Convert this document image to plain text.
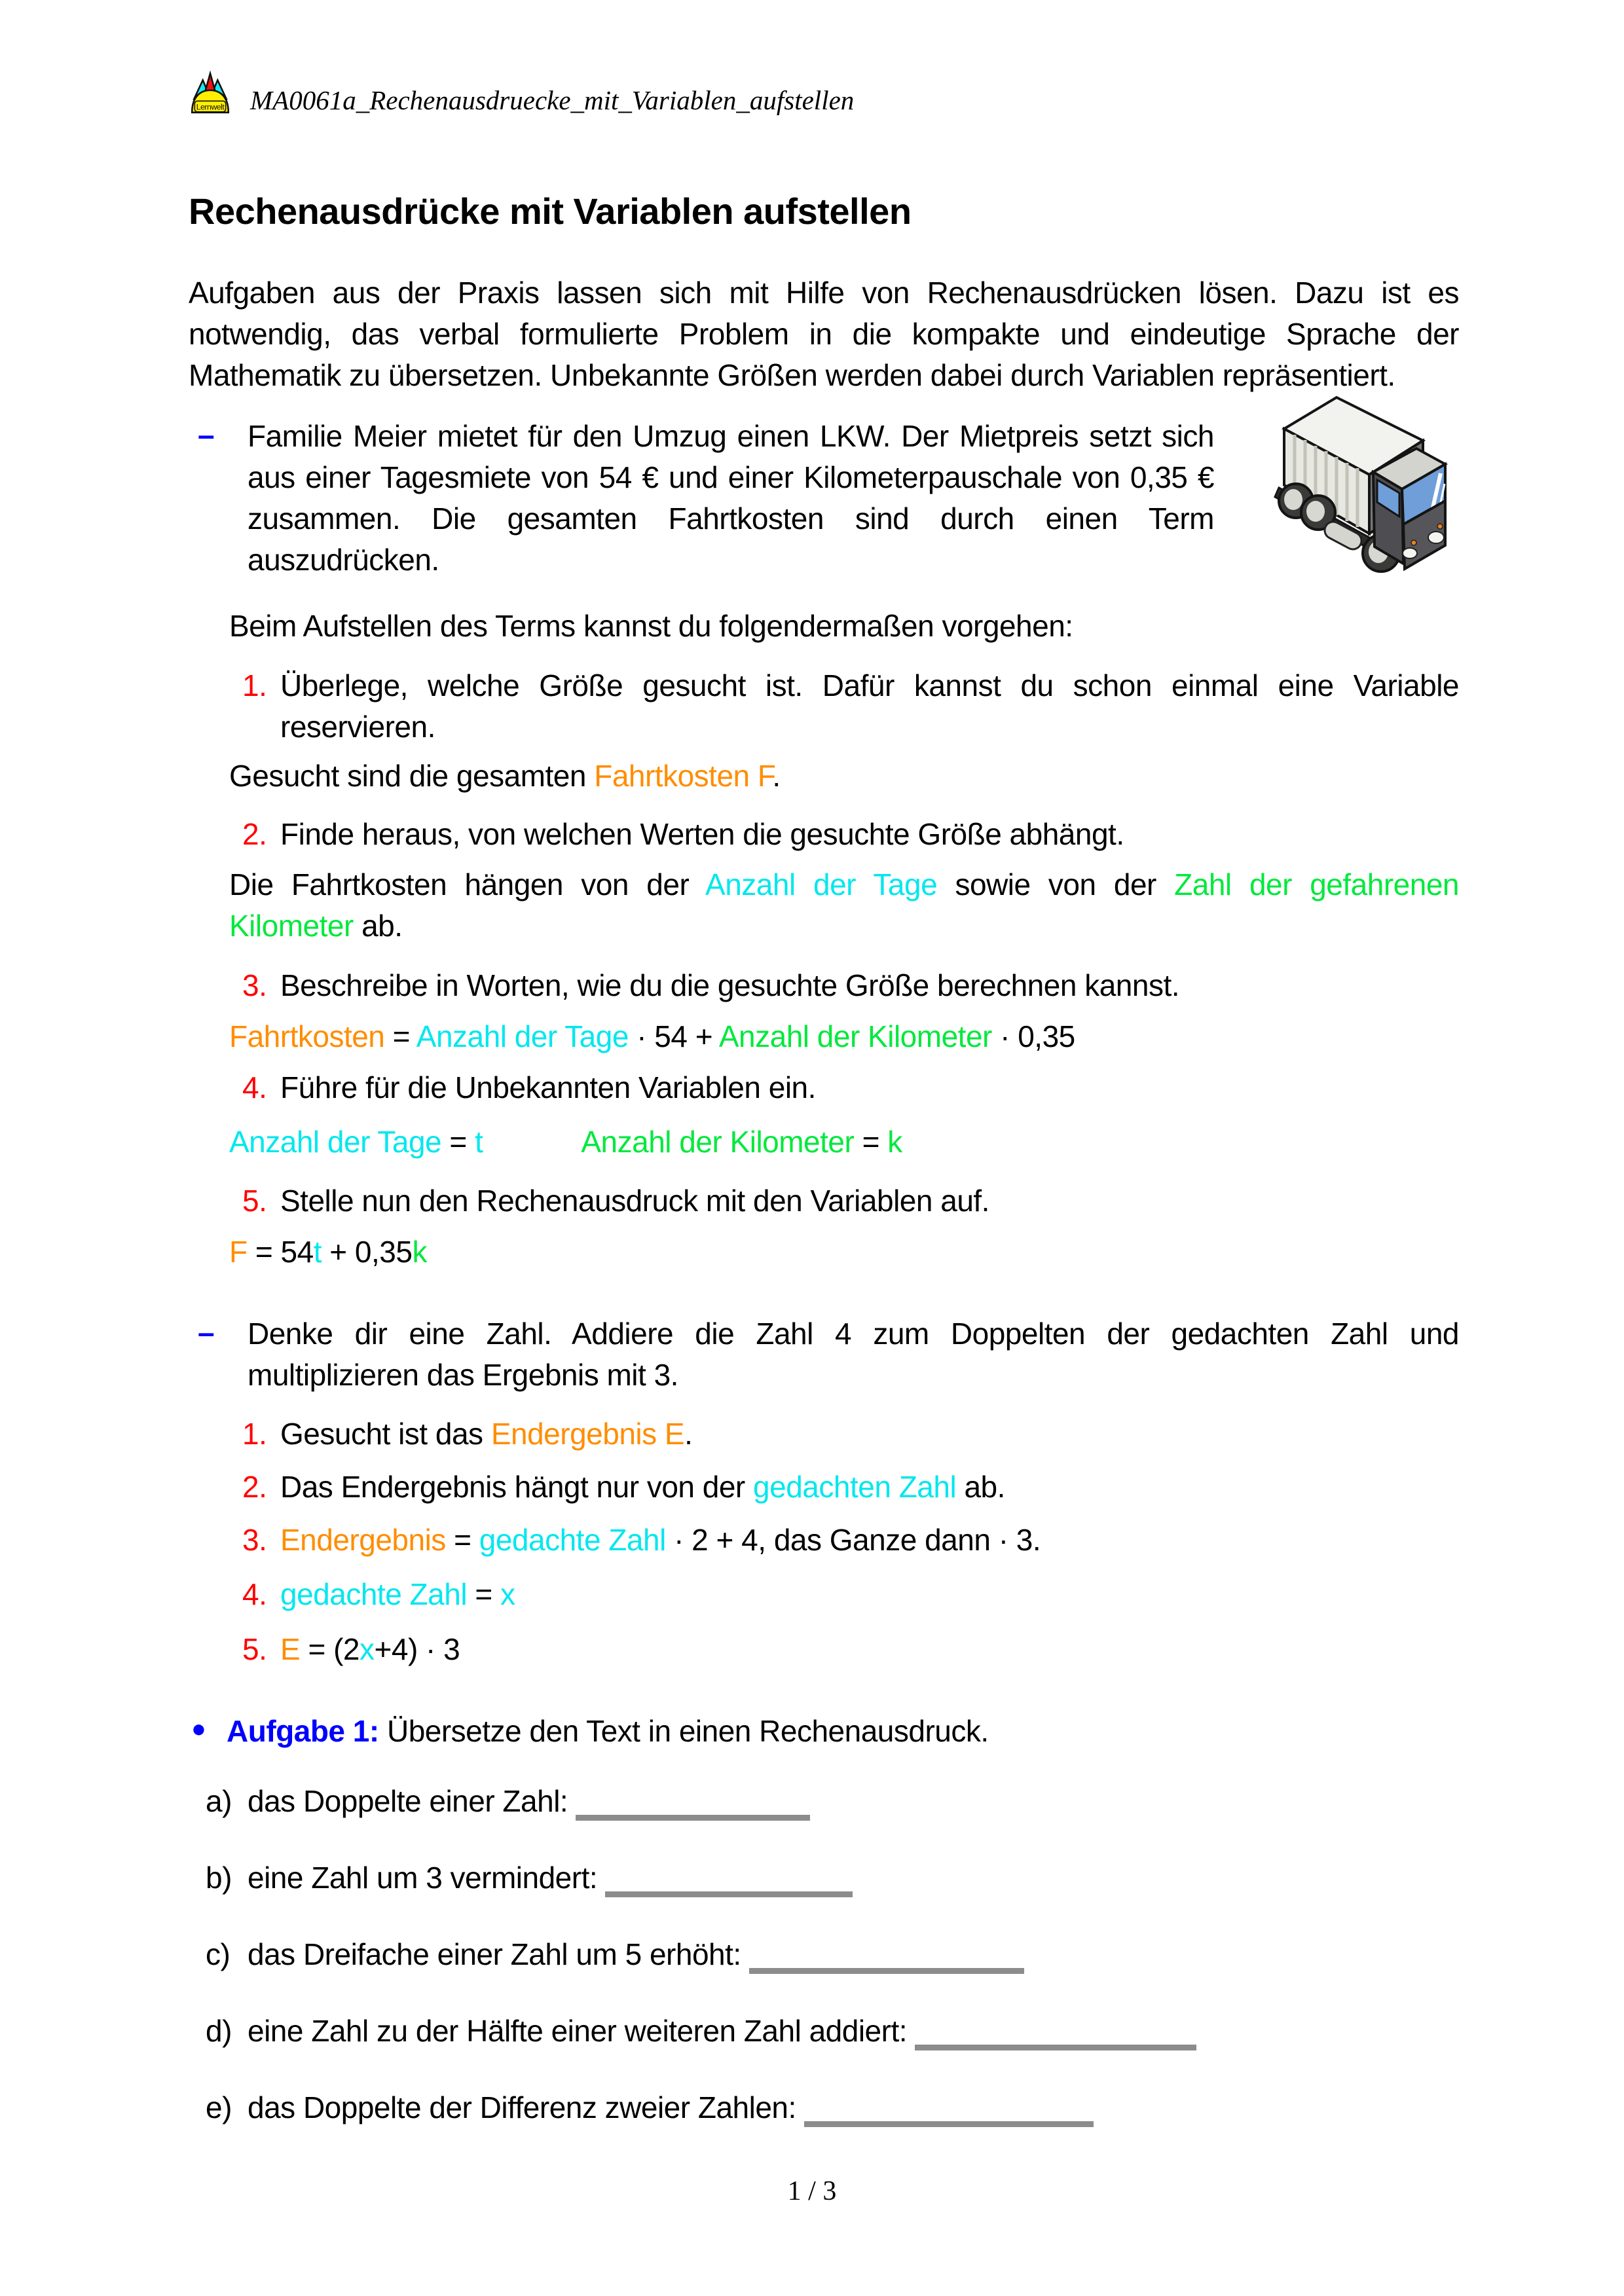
Lernwelt MA0061a_Rechenausdruecke_mit_Variablen_aufstellen
Rechenausdrücke mit Variablen aufstellen

Aufgaben aus der Praxis lassen sich mit Hilfe von Rechenausdrücken lösen. Dazu ist es notwendig, das verbal formulierte Problem in die kompakte und eindeutige Sprache der Mathematik zu übersetzen. Unbekannte Größen werden dabei durch Variablen repräsentiert.

– Familie Meier mietet für den Umzug einen LKW. Der Mietpreis setzt sich aus einer Tagesmiete von 54 € und einer Kilometerpauschale von 0,35 € zusammen. Die gesamten Fahrtkosten sind durch einen Term auszudrücken.

Beim Aufstellen des Terms kannst du folgendermaßen vorgehen:

1. Überlege, welche Größe gesucht ist. Dafür kannst du schon einmal eine Variable reservieren.

Gesucht sind die gesamten Fahrtkosten F.

2. Finde heraus, von welchen Werten die gesuchte Größe abhängt.

Die Fahrtkosten hängen von der Anzahl der Tage sowie von der Zahl der gefahrenen Kilometer ab.

3. Beschreibe in Worten, wie du die gesuchte Größe berechnen kannst.

Fahrtkosten = Anzahl der Tage · 54 + Anzahl der Kilometer · 0,35

4. Führe für die Unbekannten Variablen ein.

Anzahl der Tage = t	Anzahl der Kilometer = k

5. Stelle nun den Rechenausdruck mit den Variablen auf.

F = 54t + 0,35k

– Denke dir eine Zahl. Addiere die Zahl 4 zum Doppelten der gedachten Zahl und multiplizieren das Ergebnis mit 3.
1. Gesucht ist das Endergebnis E.
2. Das Endergebnis hängt nur von der gedachten Zahl ab.
3. Endergebnis = gedachte Zahl · 2 + 4, das Ganze dann · 3.
4. gedachte Zahl = x
5. E = (2x+4) · 3
● Aufgabe 1: Übersetze den Text in einen Rechenausdruck.
a) das Doppelte einer Zahl:
b) eine Zahl um 3 vermindert:
c) das Dreifache einer Zahl um 5 erhöht:
d) eine Zahl zu der Hälfte einer weiteren Zahl addiert:
e) das Doppelte der Differenz zweier Zahlen:
1 / 3
